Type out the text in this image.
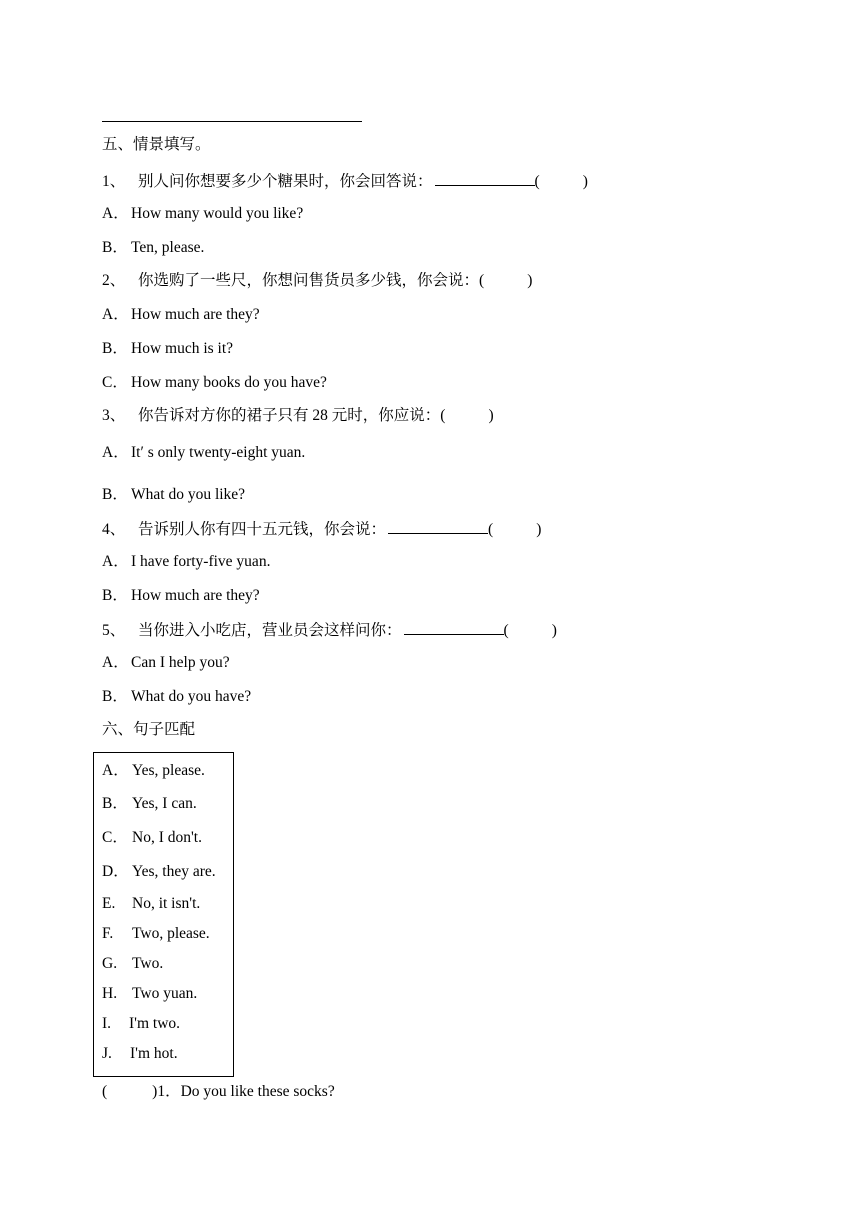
五、情景填写。
1、 别人问你想要多少个糖果时，你会回答说：	(	)
A． How many would you like?
B． Ten, please.
2、 你选购了一些尺，你想问售货员多少钱，你会说：(	)
A． How much are they?
B． How much is it?
C． How many books do you have?
3、 你告诉对方你的裙子只有 28 元时，你应说：(	)
A． It′ s only twenty-eight yuan.
B． What do you like?
4、 告诉别人你有四十五元钱，你会说：	(	)
A． I have forty-five yuan.
B． How much are they?
5、 当你进入小吃店，营业员会这样问你：	(	)
A． Can I help you?
B． What do you have?
六、句子匹配
A． Yes, please.
B． Yes, I can.
C． No, I don't.
D． Yes, they are.
E. No, it isn't.
F. Two, please.
G. Two.
H. Two yuan.
I. I'm two.
J. I'm hot.
(	)1．Do you like these socks?
